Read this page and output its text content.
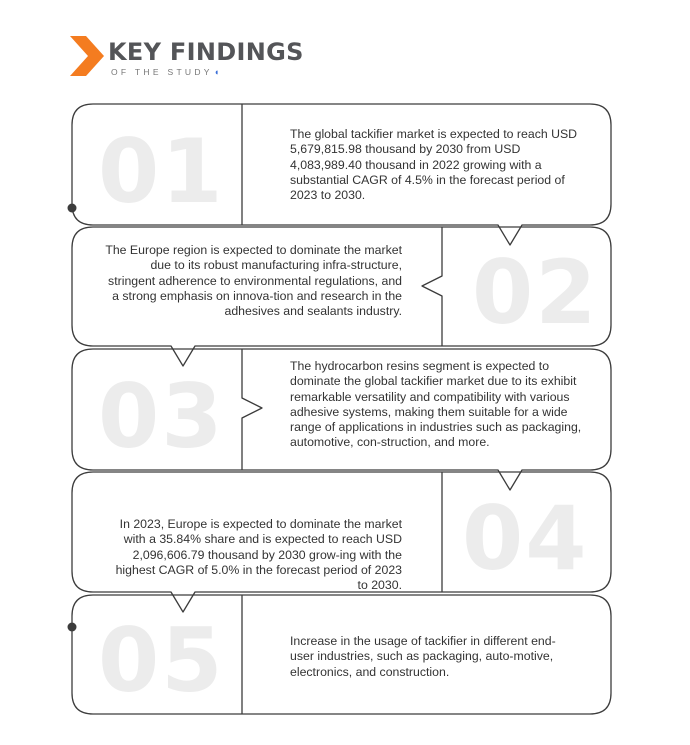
KEY FINDINGS
OF THE STUDY◖
01
02
03
04
05
The global tackifier market is expected to reach USD 5,679,815.98 thousand by 2030 from USD 4,083,989.40 thousand in 2022 growing with a substantial CAGR of 4.5% in the forecast period of 2023 to 2030.
The Europe region is expected to dominate the market due to its robust manufacturing infra-structure, stringent adherence to environmental regulations, and a strong emphasis on innova-tion and research in the adhesives and sealants industry.
The hydrocarbon resins segment is expected to dominate the global tackifier market due to its exhibit remarkable versatility and compatibility with various adhesive systems, making them suitable for a wide range of applications in industries such as packaging, automotive, con-struction, and more.
In 2023, Europe is expected to dominate the market with a 35.84% share and is expected to reach USD 2,096,606.79 thousand by 2030 grow-ing with the highest CAGR of 5.0% in the forecast period of 2023 to 2030.
Increase in the usage of tackifier in different end-user industries, such as packaging, auto-motive, electronics, and construction.
